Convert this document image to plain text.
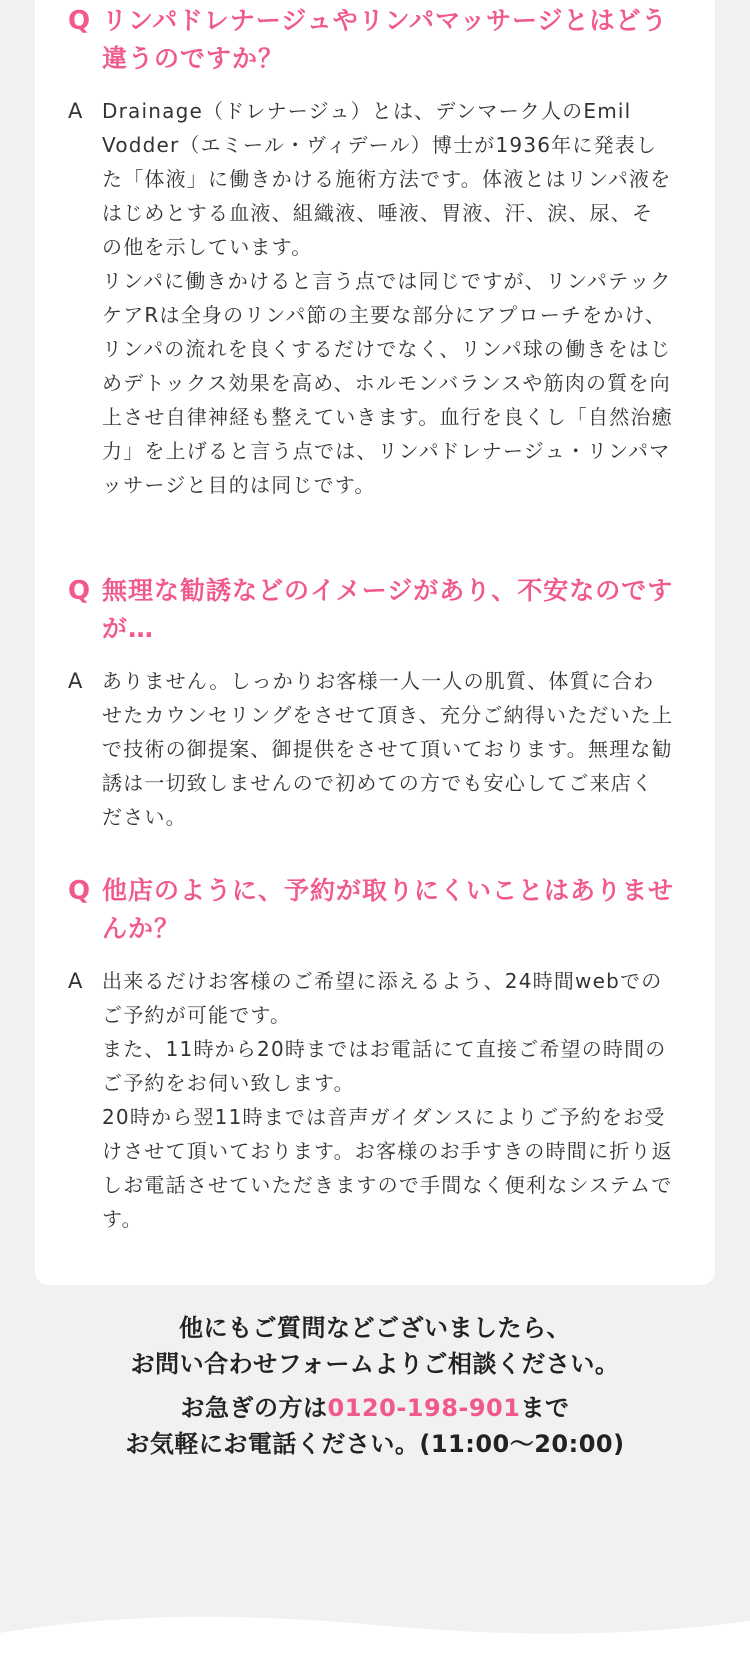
Q リンパドレナージュやリンパマッサージとはどう違うのですか？

A Drainage（ドレナージュ）とは、デンマーク人のEmil Vodder（エミール・ヴィデール）博士が1936年に発表した「体液」に働きかける施術方法です。体液とはリンパ液をはじめとする血液、組織液、唾液、胃液、汗、涙、尿、その他を示しています。
リンパに働きかけると言う点では同じですが、リンパテックケアRは全身のリンパ節の主要な部分にアプローチをかけ、リンパの流れを良くするだけでなく、リンパ球の働きをはじめデトックス効果を高め、ホルモンバランスや筋肉の質を向上させ自律神経も整えていきます。血行を良くし「自然治癒力」を上げると言う点では、リンパドレナージュ・リンパマッサージと目的は同じです。

Q 無理な勧誘などのイメージがあり、不安なのですが…

A ありません。しっかりお客様一人一人の肌質、体質に合わせたカウンセリングをさせて頂き、充分ご納得いただいた上で技術の御提案、御提供をさせて頂いております。無理な勧誘は一切致しませんので初めての方でも安心してご来店ください。

Q 他店のように、予約が取りにくいことはありませんか？

A 出来るだけお客様のご希望に添えるよう、24時間webでのご予約が可能です。
また、11時から20時まではお電話にて直接ご希望の時間のご予約をお伺い致します。
20時から翌11時までは音声ガイダンスによりご予約をお受けさせて頂いております。お客様のお手すきの時間に折り返しお電話させていただきますので手間なく便利なシステムです。

他にもご質問などございましたら、
お問い合わせフォームよりご相談ください。
お急ぎの方は0120-198-901まで
お気軽にお電話ください。(11:00〜20:00)
